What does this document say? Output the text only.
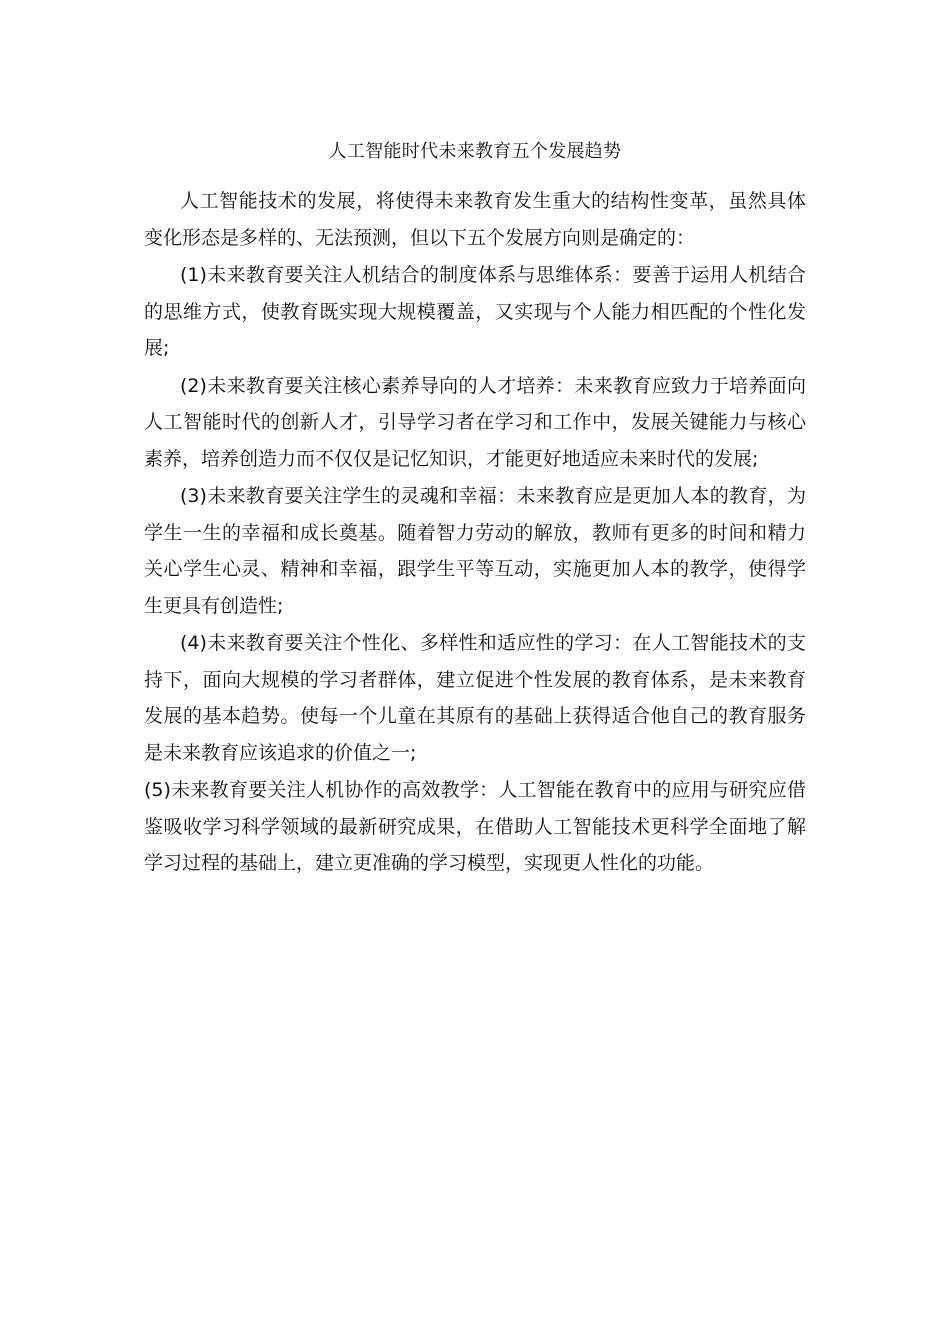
人工智能时代未来教育五个发展趋势

人工智能技术的发展，将使得未来教育发生重大的结构性变革，虽然具体变化形态是多样的、无法预测，但以下五个发展方向则是确定的：

(1)未来教育要关注人机结合的制度体系与思维体系：要善于运用人机结合的思维方式，使教育既实现大规模覆盖，又实现与个人能力相匹配的个性化发展;

(2)未来教育要关注核心素养导向的人才培养：未来教育应致力于培养面向人工智能时代的创新人才，引导学习者在学习和工作中，发展关键能力与核心素养，培养创造力而不仅仅是记忆知识，才能更好地适应未来时代的发展;

(3)未来教育要关注学生的灵魂和幸福：未来教育应是更加人本的教育，为学生一生的幸福和成长奠基。随着智力劳动的解放，教师有更多的时间和精力关心学生心灵、精神和幸福，跟学生平等互动，实施更加人本的教学，使得学生更具有创造性;

(4)未来教育要关注个性化、多样性和适应性的学习：在人工智能技术的支持下，面向大规模的学习者群体，建立促进个性发展的教育体系，是未来教育发展的基本趋势。使每一个儿童在其原有的基础上获得适合他自己的教育服务是未来教育应该追求的价值之一;

(5)未来教育要关注人机协作的高效教学：人工智能在教育中的应用与研究应借鉴吸收学习科学领域的最新研究成果，在借助人工智能技术更科学全面地了解学习过程的基础上，建立更准确的学习模型，实现更人性化的功能。
